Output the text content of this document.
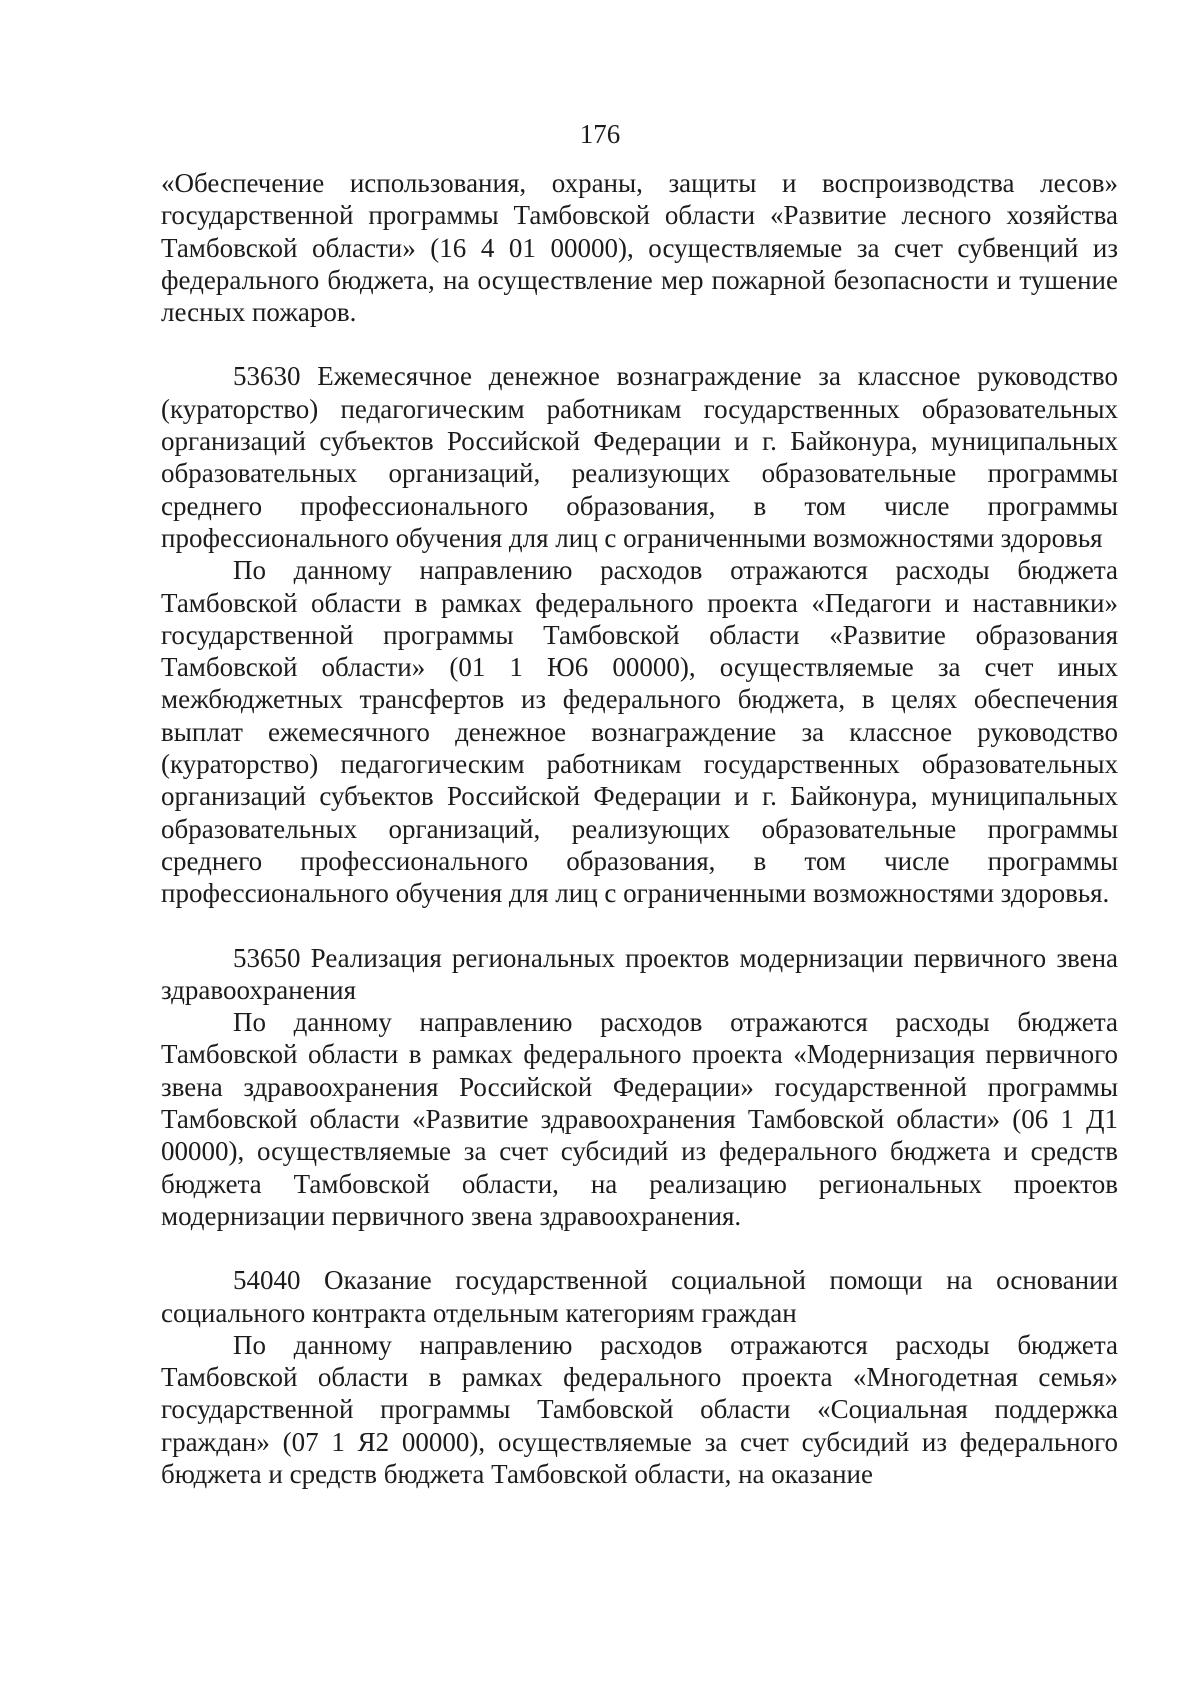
176

«Обеспечение использования, охраны, защиты и воспроизводства лесов» государственной программы Тамбовской области «Развитие лесного хозяйства Тамбовской области» (16 4 01 00000), осуществляемые за счет субвенций из федерального бюджета, на осуществление мер пожарной безопасности и тушение лесных пожаров.

53630 Ежемесячное денежное вознаграждение за классное руководство (кураторство) педагогическим работникам государственных образовательных организаций субъектов Российской Федерации и г. Байконура, муниципальных образовательных организаций, реализующих образовательные программы среднего профессионального образования, в том числе программы профессионального обучения для лиц с ограниченными возможностями здоровья

По данному направлению расходов отражаются расходы бюджета Тамбовской области в рамках федерального проекта «Педагоги и наставники» государственной программы Тамбовской области «Развитие образования Тамбовской области» (01 1 Ю6 00000), осуществляемые за счет иных межбюджетных трансфертов из федерального бюджета, в целях обеспечения выплат ежемесячного денежное вознаграждение за классное руководство (кураторство) педагогическим работникам государственных образовательных организаций субъектов Российской Федерации и г. Байконура, муниципальных образовательных организаций, реализующих образовательные программы среднего профессионального образования, в том числе программы профессионального обучения для лиц с ограниченными возможностями здоровья.

53650 Реализация региональных проектов модернизации первичного звена здравоохранения

По данному направлению расходов отражаются расходы бюджета Тамбовской области в рамках федерального проекта «Модернизация первичного звена здравоохранения Российской Федерации» государственной программы Тамбовской области «Развитие здравоохранения Тамбовской области» (06 1 Д1 00000), осуществляемые за счет субсидий из федерального бюджета и средств бюджета Тамбовской области, на реализацию региональных проектов модернизации первичного звена здравоохранения.

54040 Оказание государственной социальной помощи на основании социального контракта отдельным категориям граждан

По данному направлению расходов отражаются расходы бюджета Тамбовской области в рамках федерального проекта «Многодетная семья» государственной программы Тамбовской области «Социальная поддержка граждан» (07 1 Я2 00000), осуществляемые за счет субсидий из федерального бюджета и средств бюджета Тамбовской области, на оказание
